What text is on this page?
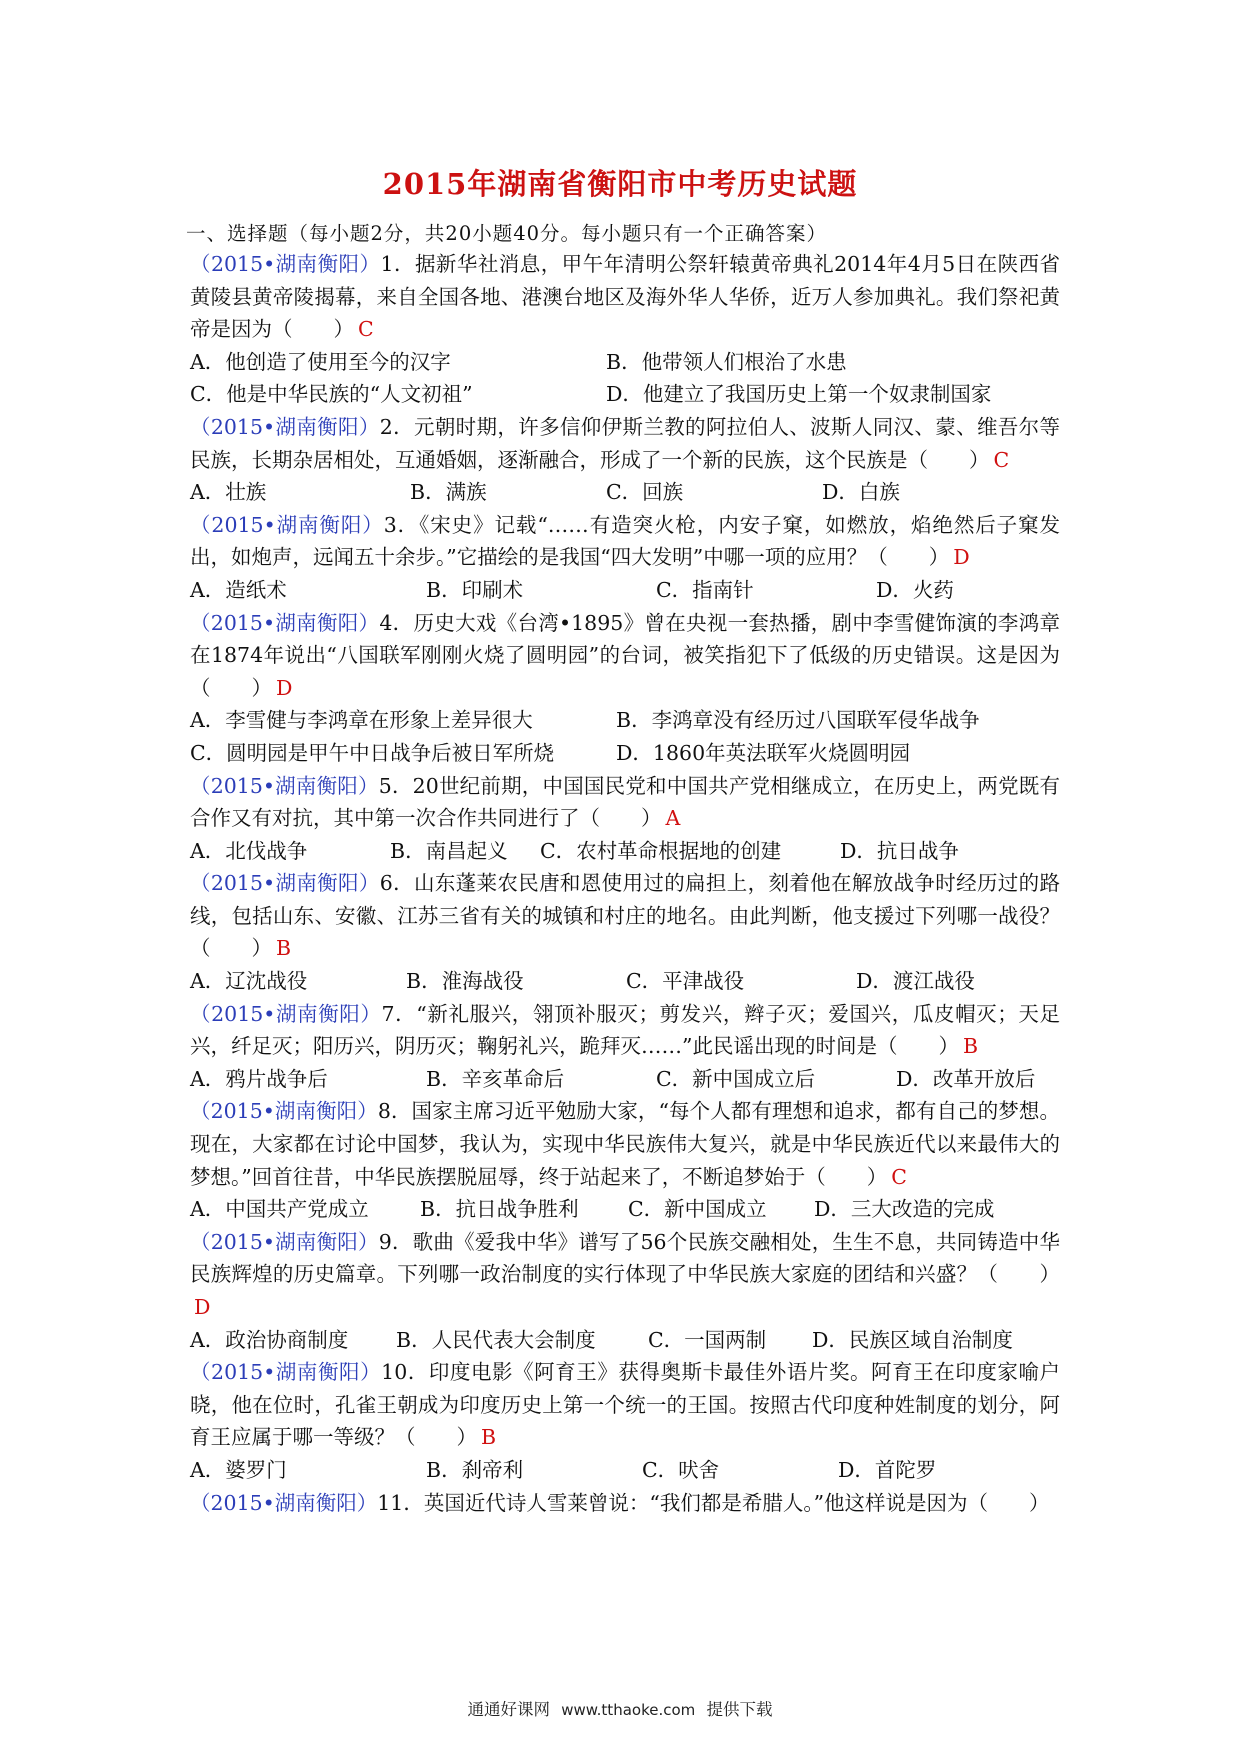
2015年湖南省衡阳市中考历史试题
一、选择题（每小题2分，共20小题40分。每小题只有一个正确答案）

（2015•湖南衡阳）1．据新华社消息，甲午年清明公祭轩辕黄帝典礼2014年4月5日在陕西省黄陵县黄帝陵揭幕，来自全国各地、港澳台地区及海外华人华侨，近万人参加典礼。我们祭祀黄帝是因为（　　） C

A．他创造了使用至今的汉字	B．他带领人们根治了水患
C．他是中华民族的“人文初祖”	D．他建立了我国历史上第一个奴隶制国家

（2015•湖南衡阳）2．元朝时期，许多信仰伊斯兰教的阿拉伯人、波斯人同汉、蒙、维吾尔等民族，长期杂居相处，互通婚姻，逐渐融合，形成了一个新的民族，这个民族是（　　） C

A．壮族	B．满族	C．回族	D．白族

（2015•湖南衡阳）3．《宋史》记载“……有造突火枪，内安子窠，如燃放，焰绝然后子窠发出，如炮声，远闻五十余步。”它描绘的是我国“四大发明”中哪一项的应用？（　　） D

A．造纸术	B．印刷术	C．指南针	D．火药

（2015•湖南衡阳）4．历史大戏《台湾•1895》曾在央视一套热播，剧中李雪健饰演的李鸿章在1874年说出“八国联军刚刚火烧了圆明园”的台词，被笑指犯下了低级的历史错误。这是因为（　　） D

A．李雪健与李鸿章在形象上差异很大	B．李鸿章没有经历过八国联军侵华战争
C．圆明园是甲午中日战争后被日军所烧	D．1860年英法联军火烧圆明园

（2015•湖南衡阳）5．20世纪前期，中国国民党和中国共产党相继成立，在历史上，两党既有合作又有对抗，其中第一次合作共同进行了（　　） A

A．北伐战争	B．南昌起义	C．农村革命根据地的创建	D．抗日战争

（2015•湖南衡阳）6．山东蓬莱农民唐和恩使用过的扁担上，刻着他在解放战争时经历过的路线，包括山东、安徽、江苏三省有关的城镇和村庄的地名。由此判断，他支援过下列哪一战役？（　　） B

A．辽沈战役	B．淮海战役	C．平津战役	D．渡江战役

（2015•湖南衡阳）7．“新礼服兴，翎顶补服灭；剪发兴，辫子灭；爱国兴，瓜皮帽灭；天足兴，纤足灭；阳历兴，阴历灭；鞠躬礼兴，跪拜灭……”此民谣出现的时间是（　　） B

A．鸦片战争后	B．辛亥革命后	C．新中国成立后	D．改革开放后

（2015•湖南衡阳）8．国家主席习近平勉励大家，“每个人都有理想和追求，都有自己的梦想。现在，大家都在讨论中国梦，我认为，实现中华民族伟大复兴，就是中华民族近代以来最伟大的梦想。”回首往昔，中华民族摆脱屈辱，终于站起来了，不断追梦始于（　　） C

A．中国共产党成立	B．抗日战争胜利	C．新中国成立	D．三大改造的完成

（2015•湖南衡阳）9．歌曲《爱我中华》谱写了56个民族交融相处，生生不息，共同铸造中华民族辉煌的历史篇章。下列哪一政治制度的实行体现了中华民族大家庭的团结和兴盛？（　　）D

A．政治协商制度	B．人民代表大会制度	C．一国两制	D．民族区域自治制度

（2015•湖南衡阳）10．印度电影《阿育王》获得奥斯卡最佳外语片奖。阿育王在印度家喻户晓，他在位时，孔雀王朝成为印度历史上第一个统一的王国。按照古代印度种姓制度的划分，阿育王应属于哪一等级？（　　） B

A．婆罗门	B．刹帝利	C．吠舍	D．首陀罗

（2015•湖南衡阳）11．英国近代诗人雪莱曾说：“我们都是希腊人。”他这样说是因为（　　）

通通好课网 www.tthaoke.com 提供下载
